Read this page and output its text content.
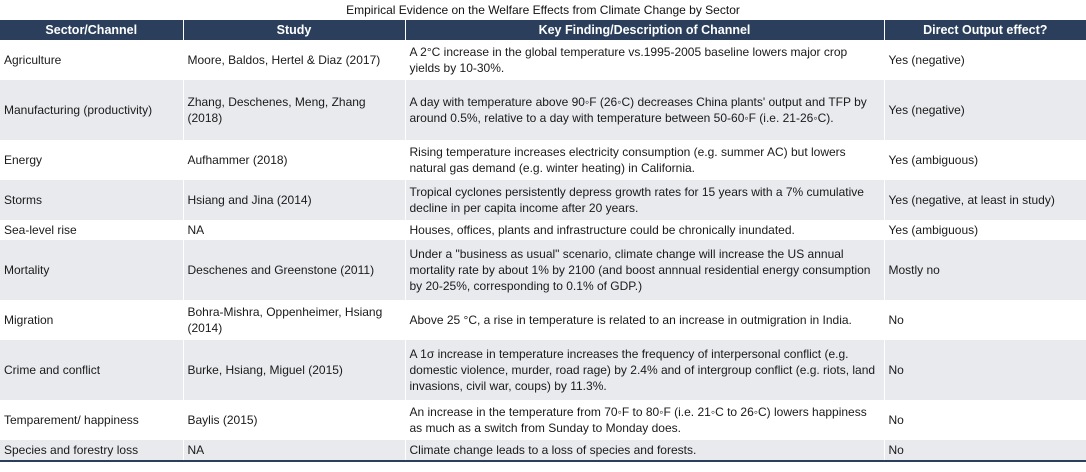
Empirical Evidence on the Welfare Effects from Climate Change by Sector
Sector/Channel	Study	Key Finding/Description of Channel	Direct Output effect?
Agriculture	Moore, Baldos, Hertel & Diaz (2017)	A 2°C increase in the global temperature vs.1995-2005 baseline lowers major crop yields by 10-30%.	Yes (negative)
Manufacturing (productivity)	Zhang, Deschenes, Meng, Zhang (2018)	A day with temperature above 90◦F (26◦C) decreases China plants' output and TFP by around 0.5%, relative to a day with temperature between 50-60◦F (i.e. 21-26◦C).	Yes (negative)
Energy	Aufhammer (2018)	Rising temperature increases electricity consumption (e.g. summer AC) but lowers natural gas demand (e.g. winter heating) in California.	Yes (ambiguous)
Storms	Hsiang and Jina (2014)	Tropical cyclones persistently depress growth rates for 15 years with a 7% cumulative decline in per capita income after 20 years.	Yes (negative, at least in study)
Sea-level rise	NA	Houses, offices, plants and infrastructure could be chronically inundated.	Yes (ambiguous)
Mortality	Deschenes and Greenstone (2011)	Under a "business as usual" scenario, climate change will increase the US annual mortality rate by about 1% by 2100 (and boost annnual residential energy consumption by 20-25%, corresponding to 0.1% of GDP.)	Mostly no
Migration	Bohra-Mishra, Oppenheimer, Hsiang (2014)	Above 25 °C, a rise in temperature is related to an increase in outmigration in India.	No
Crime and conflict	Burke, Hsiang, Miguel (2015)	A 1σ increase in temperature increases the frequency of interpersonal conflict (e.g. domestic violence, murder, road rage) by 2.4% and of intergroup conflict (e.g. riots, land invasions, civil war, coups) by 11.3%.	No
Temparement/ happiness	Baylis (2015)	An increase in the temperature from 70◦F to 80◦F (i.e. 21◦C to 26◦C) lowers happiness as much as a switch from Sunday to Monday does.	No
Species and forestry loss	NA	Climate change leads to a loss of species and forests.	No
